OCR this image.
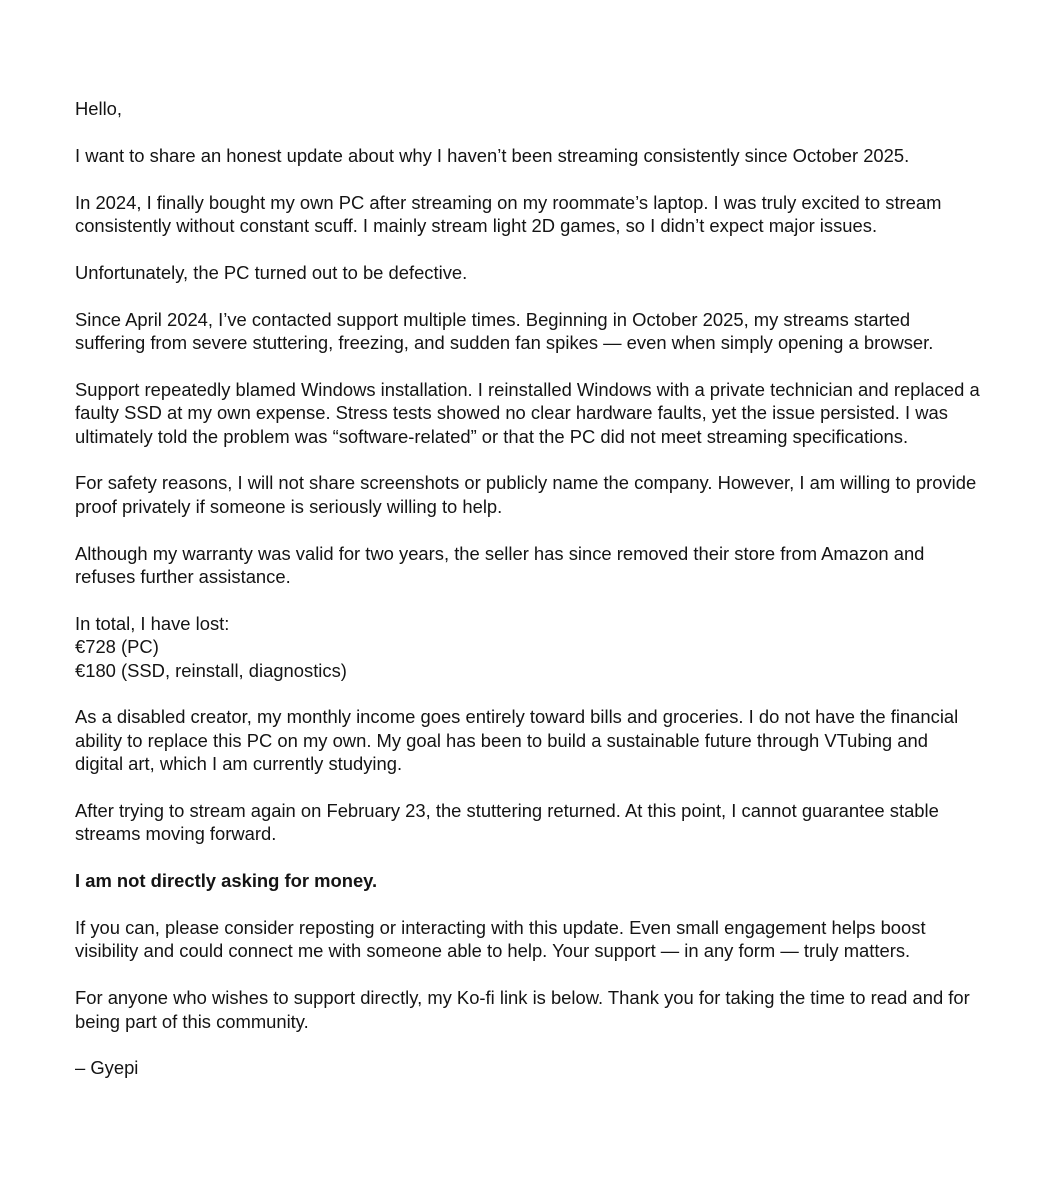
Hello,

I want to share an honest update about why I haven’t been streaming consistently since October 2025.

In 2024, I finally bought my own PC after streaming on my roommate’s laptop. I was truly excited to stream consistently without constant scuff. I mainly stream light 2D games, so I didn’t expect major issues.

Unfortunately, the PC turned out to be defective.

Since April 2024, I’ve contacted support multiple times. Beginning in October 2025, my streams started suffering from severe stuttering, freezing, and sudden fan spikes — even when simply opening a browser.

Support repeatedly blamed Windows installation. I reinstalled Windows with a private technician and replaced a faulty SSD at my own expense. Stress tests showed no clear hardware faults, yet the issue persisted. I was ultimately told the problem was “software-related” or that the PC did not meet streaming specifications.

For safety reasons, I will not share screenshots or publicly name the company. However, I am willing to provide proof privately if someone is seriously willing to help.

Although my warranty was valid for two years, the seller has since removed their store from Amazon and refuses further assistance.

In total, I have lost:
€728 (PC)
€180 (SSD, reinstall, diagnostics)

As a disabled creator, my monthly income goes entirely toward bills and groceries. I do not have the financial ability to replace this PC on my own. My goal has been to build a sustainable future through VTubing and digital art, which I am currently studying.

After trying to stream again on February 23, the stuttering returned. At this point, I cannot guarantee stable streams moving forward.

I am not directly asking for money.

If you can, please consider reposting or interacting with this update. Even small engagement helps boost visibility and could connect me with someone able to help. Your support — in any form — truly matters.

For anyone who wishes to support directly, my Ko-fi link is below. Thank you for taking the time to read and for being part of this community.

– Gyepi
